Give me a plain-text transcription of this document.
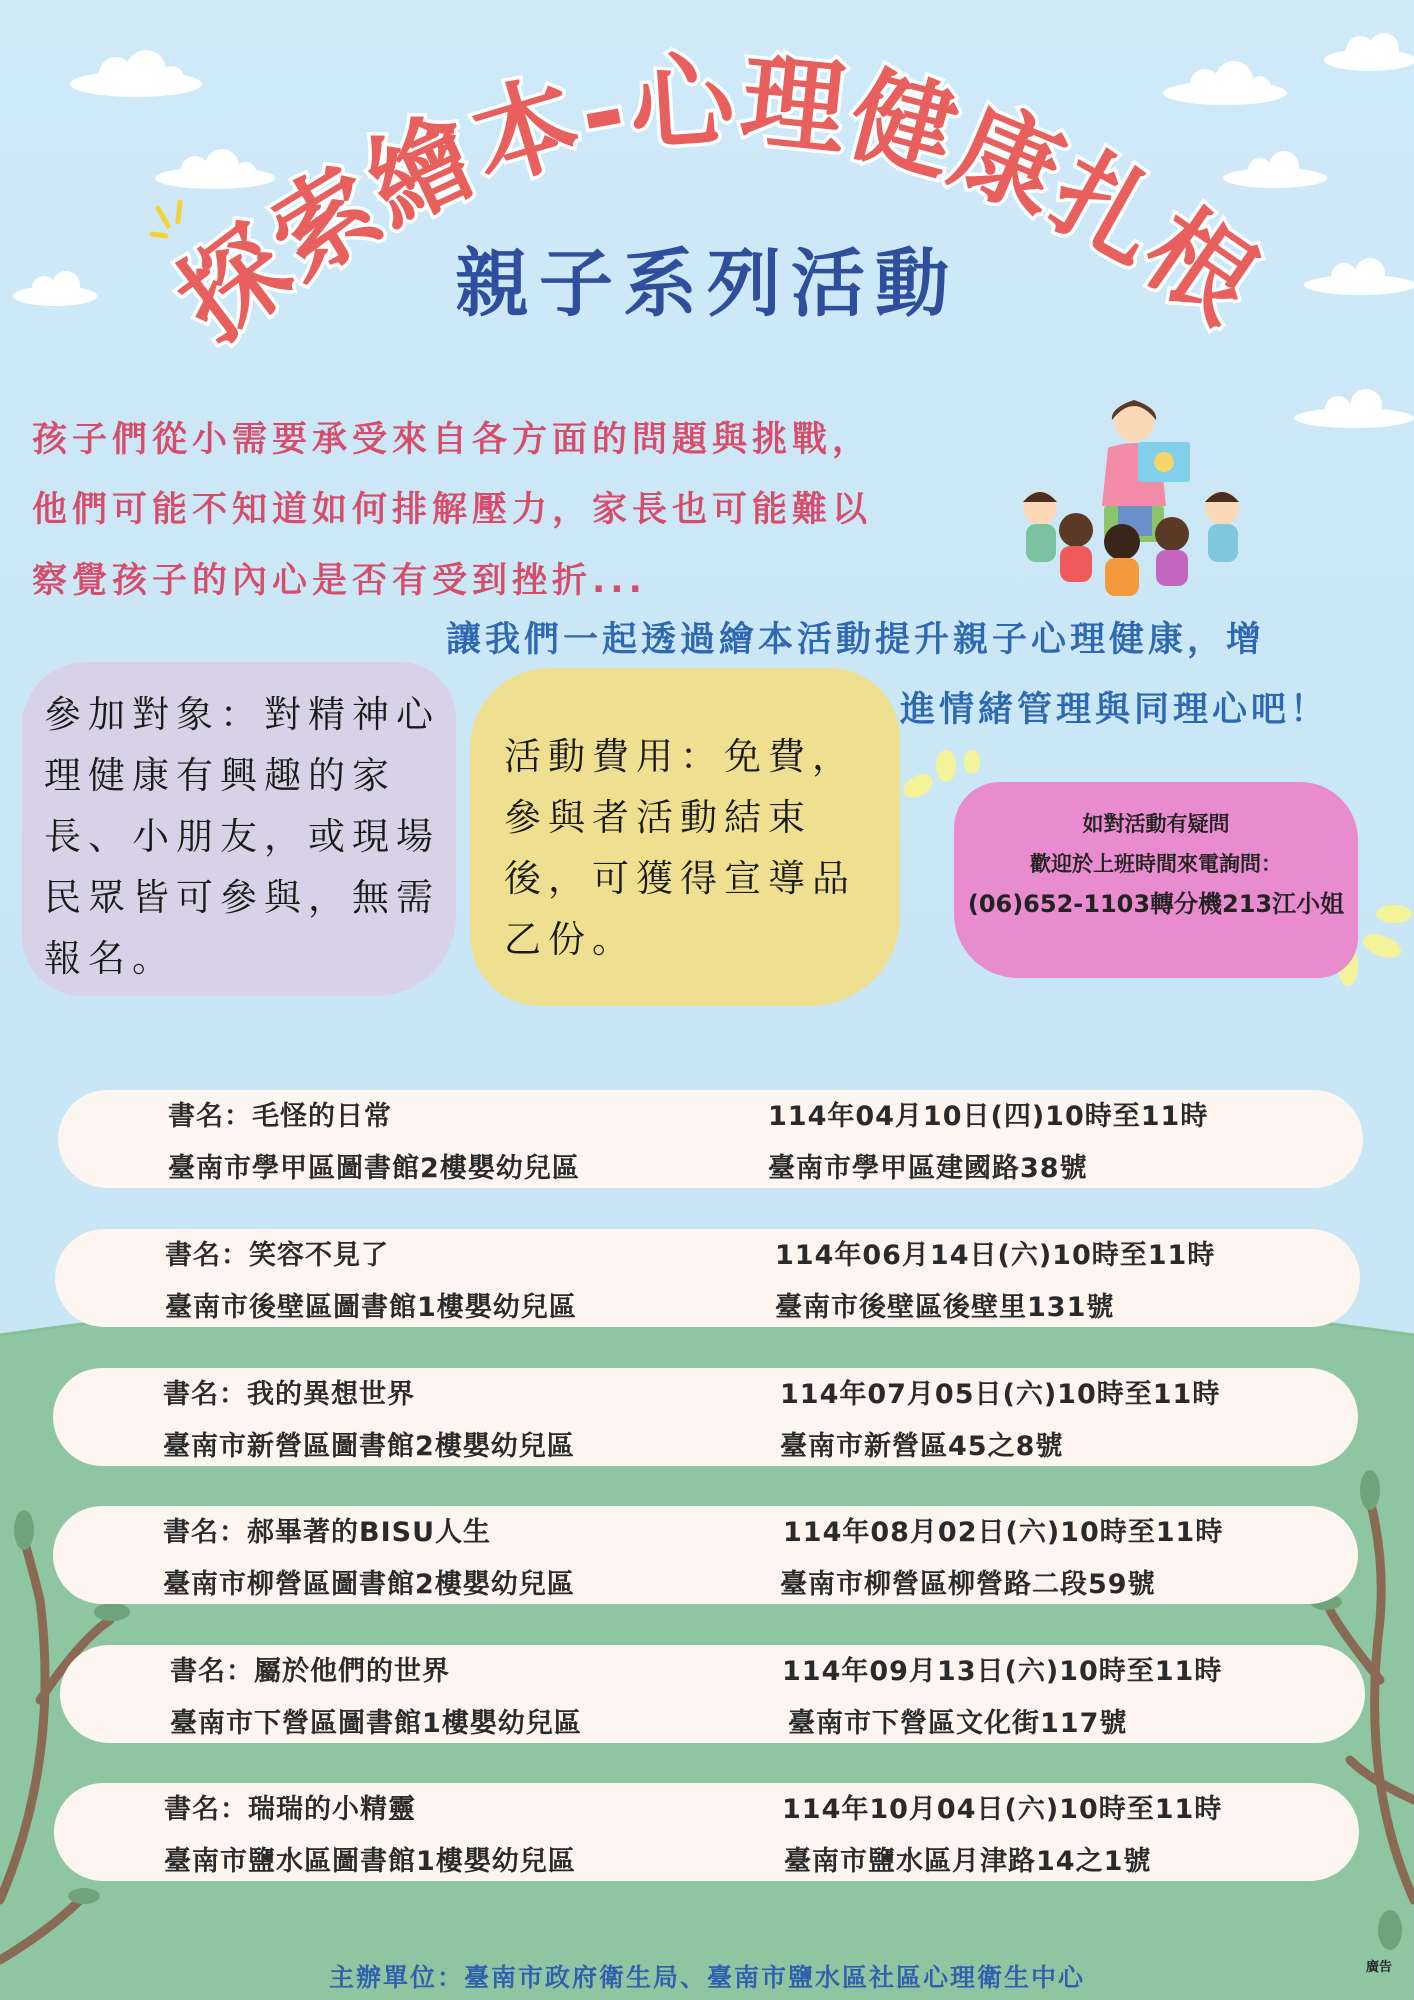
探索繪本-心理健康扎根
親子系列活動
孩子們從小需要承受來自各方面的問題與挑戰，
他們可能不知道如何排解壓力，家長也可能難以
察覺孩子的內心是否有受到挫折...
讓我們一起透過繪本活動提升親子心理健康，增
進情緒管理與同理心吧！
參加對象：對精神心
理健康有興趣的家
長、小朋友，或現場
民眾皆可參與，無需
報名。
活動費用：免費，
參與者活動結束
後，可獲得宣導品
乙份。
如對活動有疑問
歡迎於上班時間來電詢問：
(06)652-1103轉分機213江小姐
書名：毛怪的日常	114年04月10日(四)10時至11時
臺南市學甲區圖書館2樓嬰幼兒區	臺南市學甲區建國路38號
書名：笑容不見了	114年06月14日(六)10時至11時
臺南市後壁區圖書館1樓嬰幼兒區	臺南市後壁區後壁里131號
書名：我的異想世界	114年07月05日(六)10時至11時
臺南市新營區圖書館2樓嬰幼兒區	臺南市新營區45之8號
書名：郝畢著的BISU人生	114年08月02日(六)10時至11時
臺南市柳營區圖書館2樓嬰幼兒區	臺南市柳營區柳營路二段59號
書名：屬於他們的世界	114年09月13日(六)10時至11時
臺南市下營區圖書館1樓嬰幼兒區	臺南市下營區文化街117號
書名：瑞瑞的小精靈	114年10月04日(六)10時至11時
臺南市鹽水區圖書館1樓嬰幼兒區	臺南市鹽水區月津路14之1號
主辦單位：臺南市政府衛生局、臺南市鹽水區社區心理衛生中心	廣告
